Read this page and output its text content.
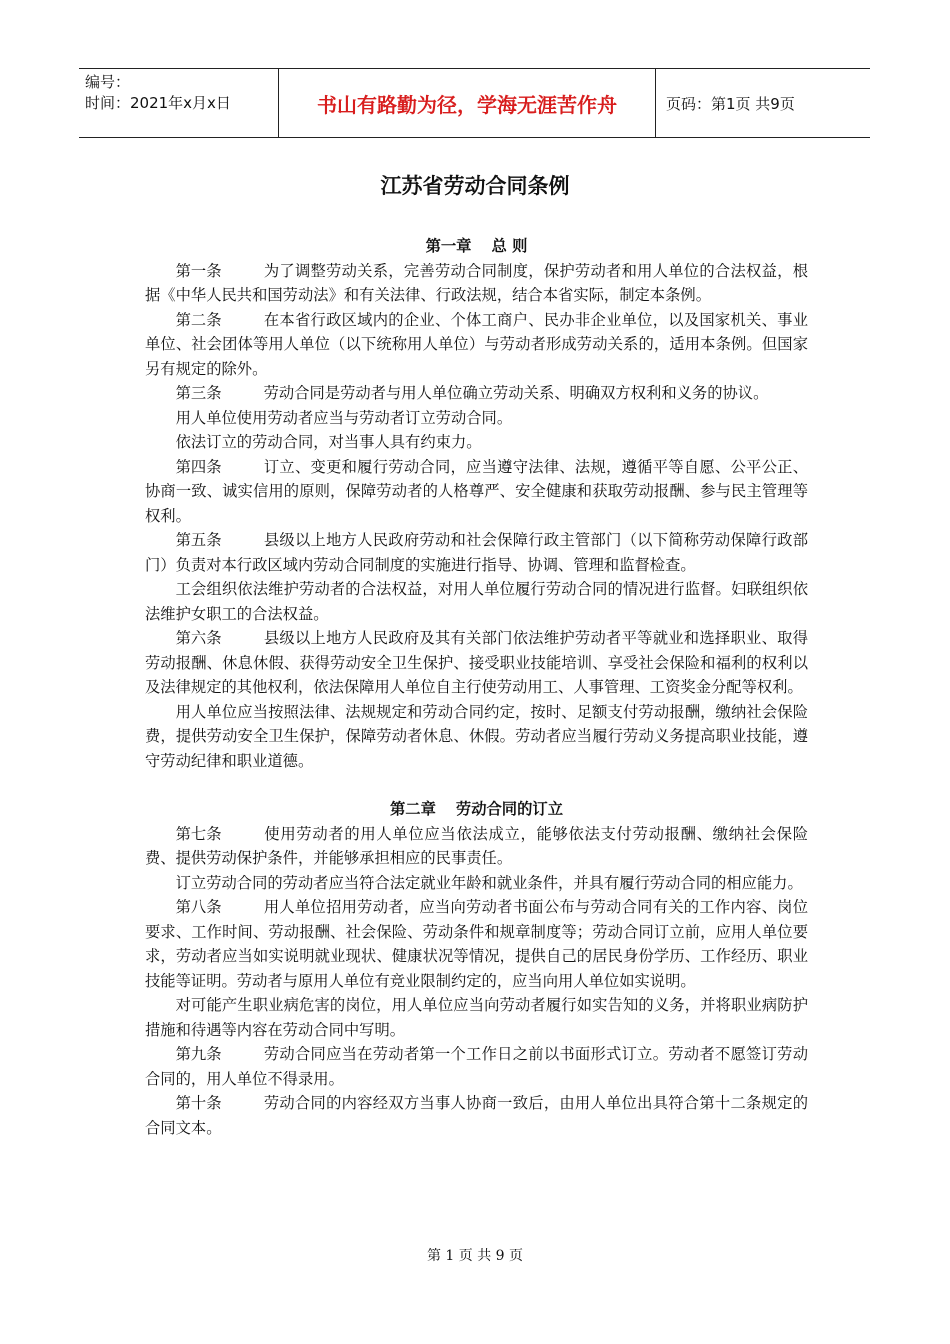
编号：
时间：2021年x月x日	书山有路勤为径，学海无涯苦作舟	页码：第1页 共9页
江苏省劳动合同条例

第一章 总 则

第一条	为了调整劳动关系，完善劳动合同制度，保护劳动者和用人单位的合法权益，根据《中华人民共和国劳动法》和有关法律、行政法规，结合本省实际，制定本条例。

第二条	在本省行政区域内的企业、个体工商户、民办非企业单位，以及国家机关、事业单位、社会团体等用人单位（以下统称用人单位）与劳动者形成劳动关系的，适用本条例。但国家另有规定的除外。

第三条	劳动合同是劳动者与用人单位确立劳动关系、明确双方权利和义务的协议。

用人单位使用劳动者应当与劳动者订立劳动合同。

依法订立的劳动合同，对当事人具有约束力。

第四条	订立、变更和履行劳动合同，应当遵守法律、法规，遵循平等自愿、公平公正、协商一致、诚实信用的原则，保障劳动者的人格尊严、安全健康和获取劳动报酬、参与民主管理等权利。

第五条	县级以上地方人民政府劳动和社会保障行政主管部门（以下简称劳动保障行政部门）负责对本行政区域内劳动合同制度的实施进行指导、协调、管理和监督检查。

工会组织依法维护劳动者的合法权益，对用人单位履行劳动合同的情况进行监督。妇联组织依法维护女职工的合法权益。

第六条	县级以上地方人民政府及其有关部门依法维护劳动者平等就业和选择职业、取得劳动报酬、休息休假、获得劳动安全卫生保护、接受职业技能培训、享受社会保险和福利的权利以及法律规定的其他权利，依法保障用人单位自主行使劳动用工、人事管理、工资奖金分配等权利。

用人单位应当按照法律、法规规定和劳动合同约定，按时、足额支付劳动报酬，缴纳社会保险费，提供劳动安全卫生保护，保障劳动者休息、休假。劳动者应当履行劳动义务提高职业技能，遵守劳动纪律和职业道德。

第二章 劳动合同的订立

第七条	使用劳动者的用人单位应当依法成立，能够依法支付劳动报酬、缴纳社会保险费、提供劳动保护条件，并能够承担相应的民事责任。

订立劳动合同的劳动者应当符合法定就业年龄和就业条件，并具有履行劳动合同的相应能力。

第八条	用人单位招用劳动者，应当向劳动者书面公布与劳动合同有关的工作内容、岗位要求、工作时间、劳动报酬、社会保险、劳动条件和规章制度等；劳动合同订立前，应用人单位要求，劳动者应当如实说明就业现状、健康状况等情况，提供自己的居民身份学历、工作经历、职业技能等证明。劳动者与原用人单位有竞业限制约定的，应当向用人单位如实说明。

对可能产生职业病危害的岗位，用人单位应当向劳动者履行如实告知的义务，并将职业病防护措施和待遇等内容在劳动合同中写明。

第九条	劳动合同应当在劳动者第一个工作日之前以书面形式订立。劳动者不愿签订劳动合同的，用人单位不得录用。

第十条	劳动合同的内容经双方当事人协商一致后，由用人单位出具符合第十二条规定的合同文本。

第 1 页 共 9 页
